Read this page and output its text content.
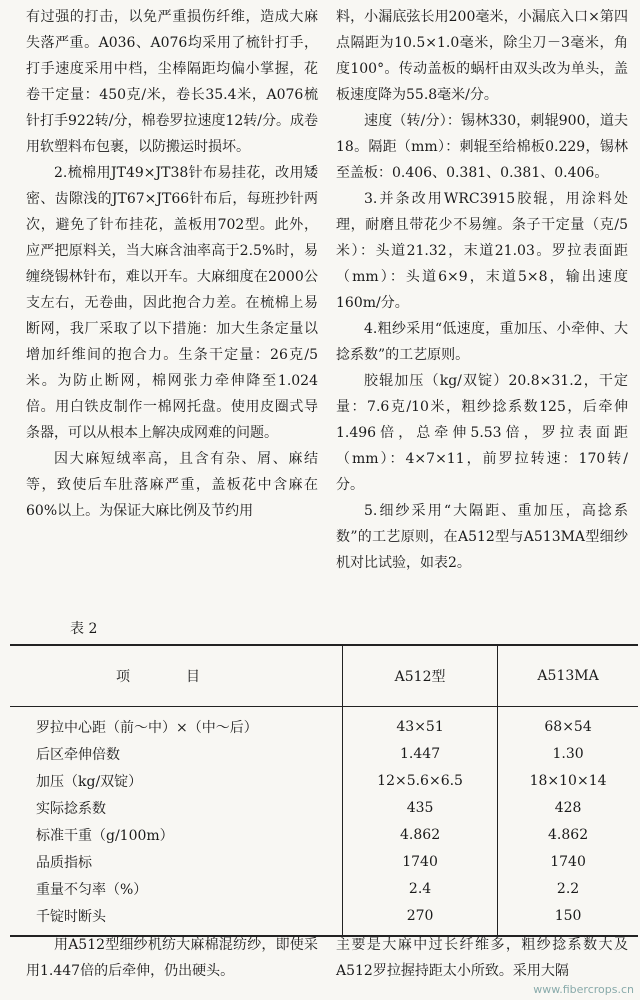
有过强的打击，以免严重损伤纤维，造成大麻失落严重。A036、A076均采用了梳针打手，打手速度采用中档，尘棒隔距均偏小掌握，花卷干定量：450克/米，卷长35.4米，A076梳针打手922转/分，棉卷罗拉速度12转/分。成卷用软塑料布包裹，以防搬运时损坏。

2.梳棉用JT49×JT38针布易挂花，改用矮密、齿隙浅的JT67×JT66针布后，每班抄针两次，避免了针布挂花，盖板用702型。此外，应严把原料关，当大麻含油率高于2.5%时，易缠绕锡林针布，难以开车。大麻细度在2000公支左右，无卷曲，因此抱合力差。在梳棉上易断网，我厂采取了以下措施：加大生条定量以增加纤维间的抱合力。生条干定量：26克/5米。为防止断网，棉网张力牵伸降至1.024倍。用白铁皮制作一棉网托盘。使用皮圈式导条器，可以从根本上解决成网难的问题。

因大麻短绒率高，且含有杂、屑、麻结等，致使后车肚落麻严重，盖板花中含麻在60%以上。为保证大麻比例及节约用

料，小漏底弦长用200毫米，小漏底入口×第四点隔距为10.5×1.0毫米，除尘刀－3毫米，角度100°。传动盖板的蜗杆由双头改为单头，盖板速度降为55.8毫米/分。

速度（转/分）：锡林330，刺辊900，道夫18。隔距（mm）：刺辊至给棉板0.229，锡林至盖板：0.406、0.381、0.381、0.406。

3.并条改用WRC3915胶辊，用涂料处理，耐磨且带花少不易缠。条子干定量（克/5米）：头道21.32，末道21.03。罗拉表面距（mm）：头道6×9，末道5×8，输出速度160m/分。

4.粗纱采用“低速度，重加压、小牵伸、大捻系数”的工艺原则。

胶辊加压（kg/双锭）20.8×31.2，干定量：7.6克/10米，粗纱捻系数125，后牵伸1.496倍，总牵伸5.53倍，罗拉表面距（mm）：4×7×11，前罗拉转速：170转/分。

5.细纱采用“大隔距、重加压，高捻系数”的工艺原则，在A512型与A513MA型细纱机对比试验，如表2。

表 2
项目	A512型	A513MA
罗拉中心距（前～中）×（中～后）	43×51	68×54
后区牵伸倍数	1.447	1.30
加压（kg/双锭）	12×5.6×6.5	18×10×14
实际捻系数	435	428
标准干重（g/100m）	4.862	4.862
品质指标	1740	1740
重量不匀率（%）	2.4	2.2
千锭时断头	270	150

用A512型细纱机纺大麻棉混纺纱，即使采用1.447倍的后牵伸，仍出硬头。

主要是大麻中过长纤维多，粗纱捻系数大及A512罗拉握持距太小所致。采用大隔

www.fibercrops.cn
